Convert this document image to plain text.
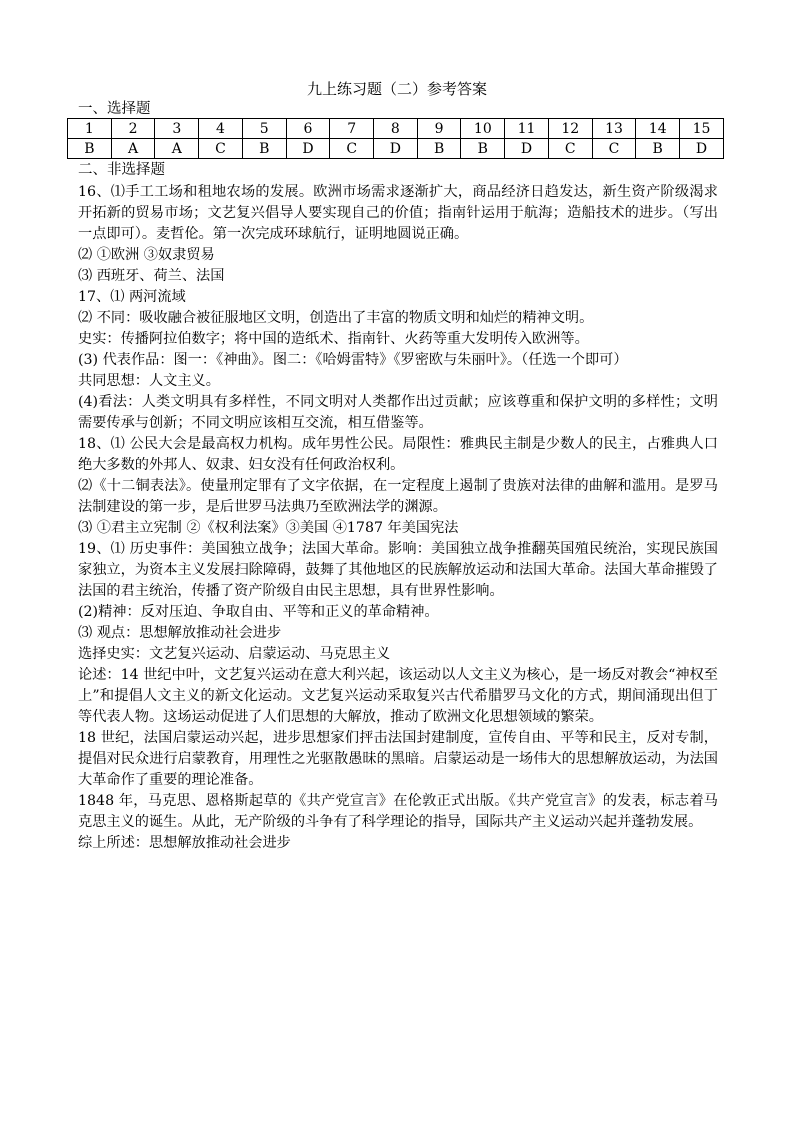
九上练习题（二）参考答案
一、选择题
1	2	3	4	5	6	7	8	9	10	11	12	13	14	15
B	A	A	C	B	D	C	D	B	B	D	C	C	B	D
二、非选择题

16、⑴手工工场和租地农场的发展。欧洲市场需求逐渐扩大，商品经济日趋发达，新生资产阶级渴求开拓新的贸易市场；文艺复兴倡导人要实现自己的价值；指南针运用于航海；造船技术的进步。（写出一点即可）。麦哲伦。第一次完成环球航行，证明地圆说正确。

⑵ ①欧洲 ③奴隶贸易

⑶ 西班牙、荷兰、法国

17、⑴ 两河流域

⑵ 不同：吸收融合被征服地区文明，创造出了丰富的物质文明和灿烂的精神文明。

史实：传播阿拉伯数字；将中国的造纸术、指南针、火药等重大发明传入欧洲等。

(3) 代表作品：图一：《神曲》。图二：《哈姆雷特》《罗密欧与朱丽叶》。（任选一个即可）

共同思想：人文主义。

(4)看法：人类文明具有多样性，不同文明对人类都作出过贡献；应该尊重和保护文明的多样性；文明需要传承与创新；不同文明应该相互交流，相互借鉴等。

18、⑴ 公民大会是最高权力机构。成年男性公民。局限性：雅典民主制是少数人的民主，占雅典人口绝大多数的外邦人、奴隶、妇女没有任何政治权利。

⑵《十二铜表法》。使量刑定罪有了文字依据，在一定程度上遏制了贵族对法律的曲解和滥用。是罗马法制建设的第一步，是后世罗马法典乃至欧洲法学的渊源。

⑶ ①君主立宪制 ②《权利法案》③美国 ④1787 年美国宪法

19、⑴ 历史事件：美国独立战争；法国大革命。影响：美国独立战争推翻英国殖民统治，实现民族国家独立，为资本主义发展扫除障碍，鼓舞了其他地区的民族解放运动和法国大革命。法国大革命摧毁了法国的君主统治，传播了资产阶级自由民主思想，具有世界性影响。

(2)精神：反对压迫、争取自由、平等和正义的革命精神。

⑶ 观点：思想解放推动社会进步

选择史实：文艺复兴运动、启蒙运动、马克思主义

论述：14 世纪中叶，文艺复兴运动在意大利兴起，该运动以人文主义为核心，是一场反对教会“神权至上”和提倡人文主义的新文化运动。文艺复兴运动采取复兴古代希腊罗马文化的方式，期间涌现出但丁等代表人物。这场运动促进了人们思想的大解放，推动了欧洲文化思想领域的繁荣。

18 世纪，法国启蒙运动兴起，进步思想家们抨击法国封建制度，宣传自由、平等和民主，反对专制，提倡对民众进行启蒙教育，用理性之光驱散愚昧的黑暗。启蒙运动是一场伟大的思想解放运动，为法国大革命作了重要的理论准备。

1848 年，马克思、恩格斯起草的《共产党宣言》在伦敦正式出版。《共产党宣言》的发表，标志着马克思主义的诞生。从此，无产阶级的斗争有了科学理论的指导，国际共产主义运动兴起并蓬勃发展。

综上所述：思想解放推动社会进步
